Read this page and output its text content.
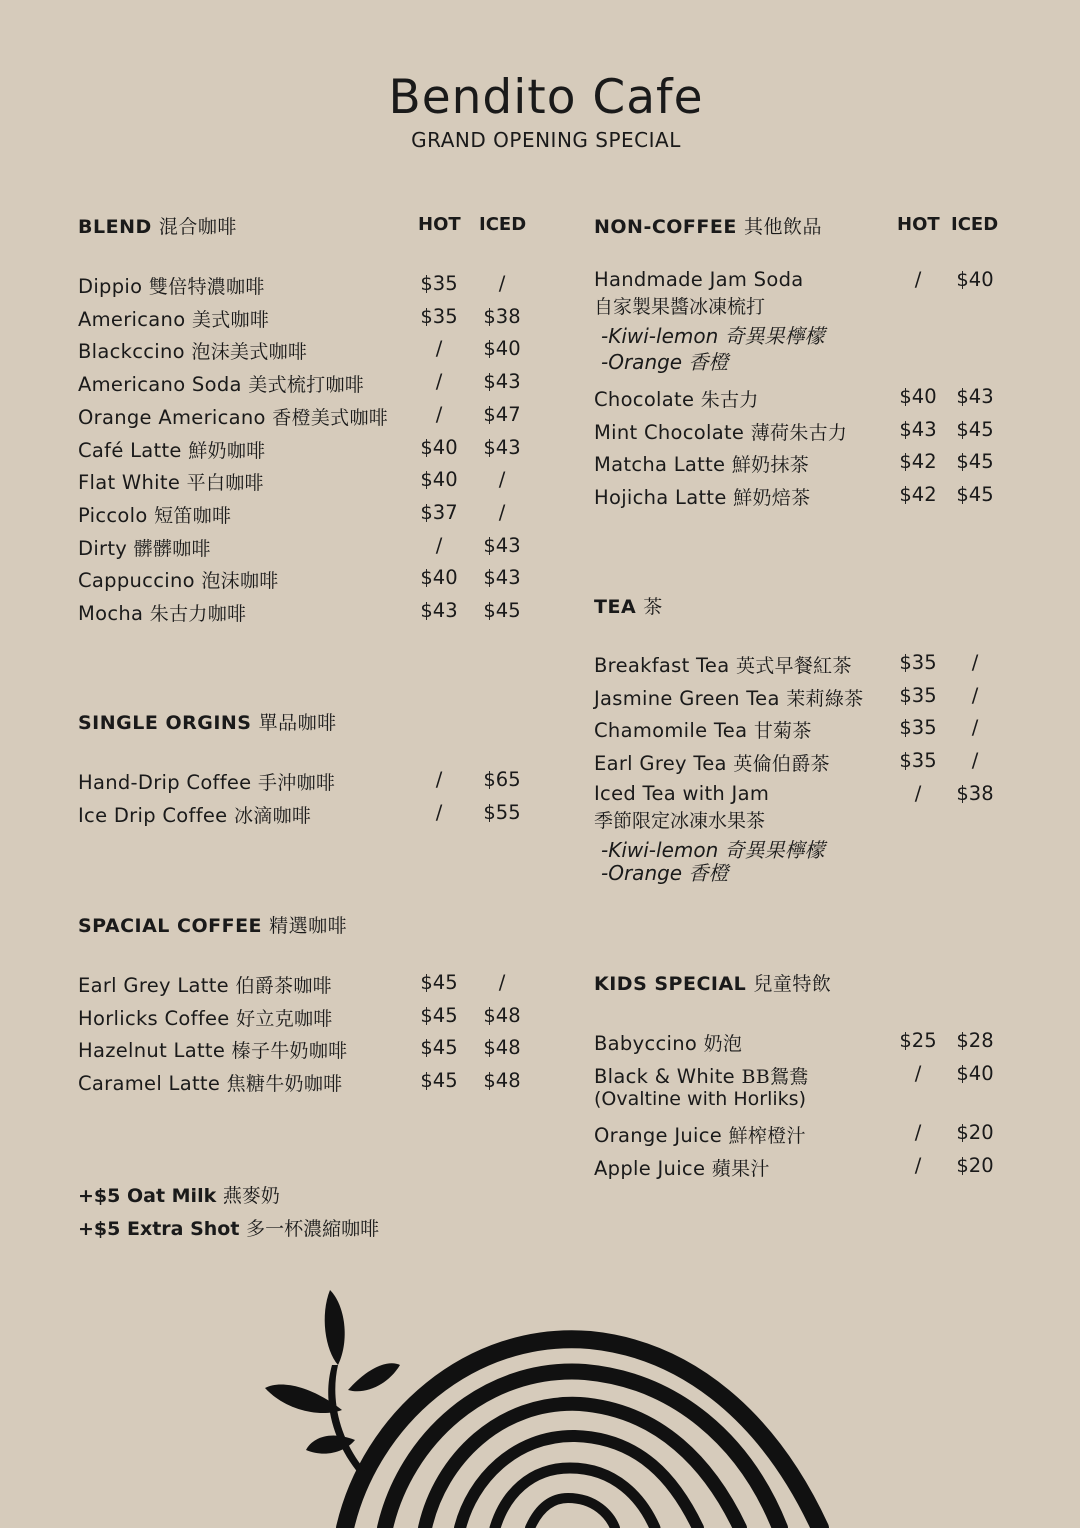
Bendito Cafe
GRAND OPENING SPECIAL
BLEND 混合咖啡	HOT ICED
Dippio 雙倍特濃咖啡	$35	/
Americano 美式咖啡	$35	$38
Blackccino 泡沫美式咖啡	/	$40
Americano Soda 美式梳打咖啡	/	$43
Orange Americano 香橙美式咖啡	/	$47
Café Latte 鮮奶咖啡	$40	$43
Flat White 平白咖啡	$40	/
Piccolo 短笛咖啡	$37	/
Dirty 髒髒咖啡	/	$43
Cappuccino 泡沫咖啡	$40	$43
Mocha 朱古力咖啡	$43	$45
SINGLE ORGINS 單品咖啡
Hand-Drip Coffee 手沖咖啡	/	$65
Ice Drip Coffee 冰滴咖啡	/	$55
SPACIAL COFFEE 精選咖啡
Earl Grey Latte 伯爵茶咖啡	$45	/
Horlicks Coffee 好立克咖啡	$45	$48
Hazelnut Latte 榛子牛奶咖啡	$45	$48
Caramel Latte 焦糖牛奶咖啡	$45	$48
+$5 Oat Milk 燕麥奶
+$5 Extra Shot 多一杯濃縮咖啡
NON-COFFEE 其他飲品	HOT ICED
Handmade Jam Soda
自家製果醬冰凍梳打
/	$40
-Kiwi-lemon 奇異果檸檬
-Orange 香橙
Chocolate 朱古力	$40	$43
Mint Chocolate 薄荷朱古力	$43	$45
Matcha Latte 鮮奶抹茶	$42	$45
Hojicha Latte 鮮奶焙茶	$42	$45
TEA 茶
Breakfast Tea 英式早餐紅茶	$35	/
Jasmine Green Tea 茉莉綠茶	$35	/
Chamomile Tea 甘菊茶	$35	/
Earl Grey Tea 英倫伯爵茶	$35	/
Iced Tea with Jam
季節限定冰凍水果茶
/	$38
-Kiwi-lemon 奇異果檸檬
-Orange 香橙
KIDS SPECIAL 兒童特飲
Babyccino 奶泡	$25	$28
Black & White BB鴛鴦
(Ovaltine with Horliks)
/	$40
Orange Juice 鮮榨橙汁	/	$20
Apple Juice 蘋果汁	/	$20
